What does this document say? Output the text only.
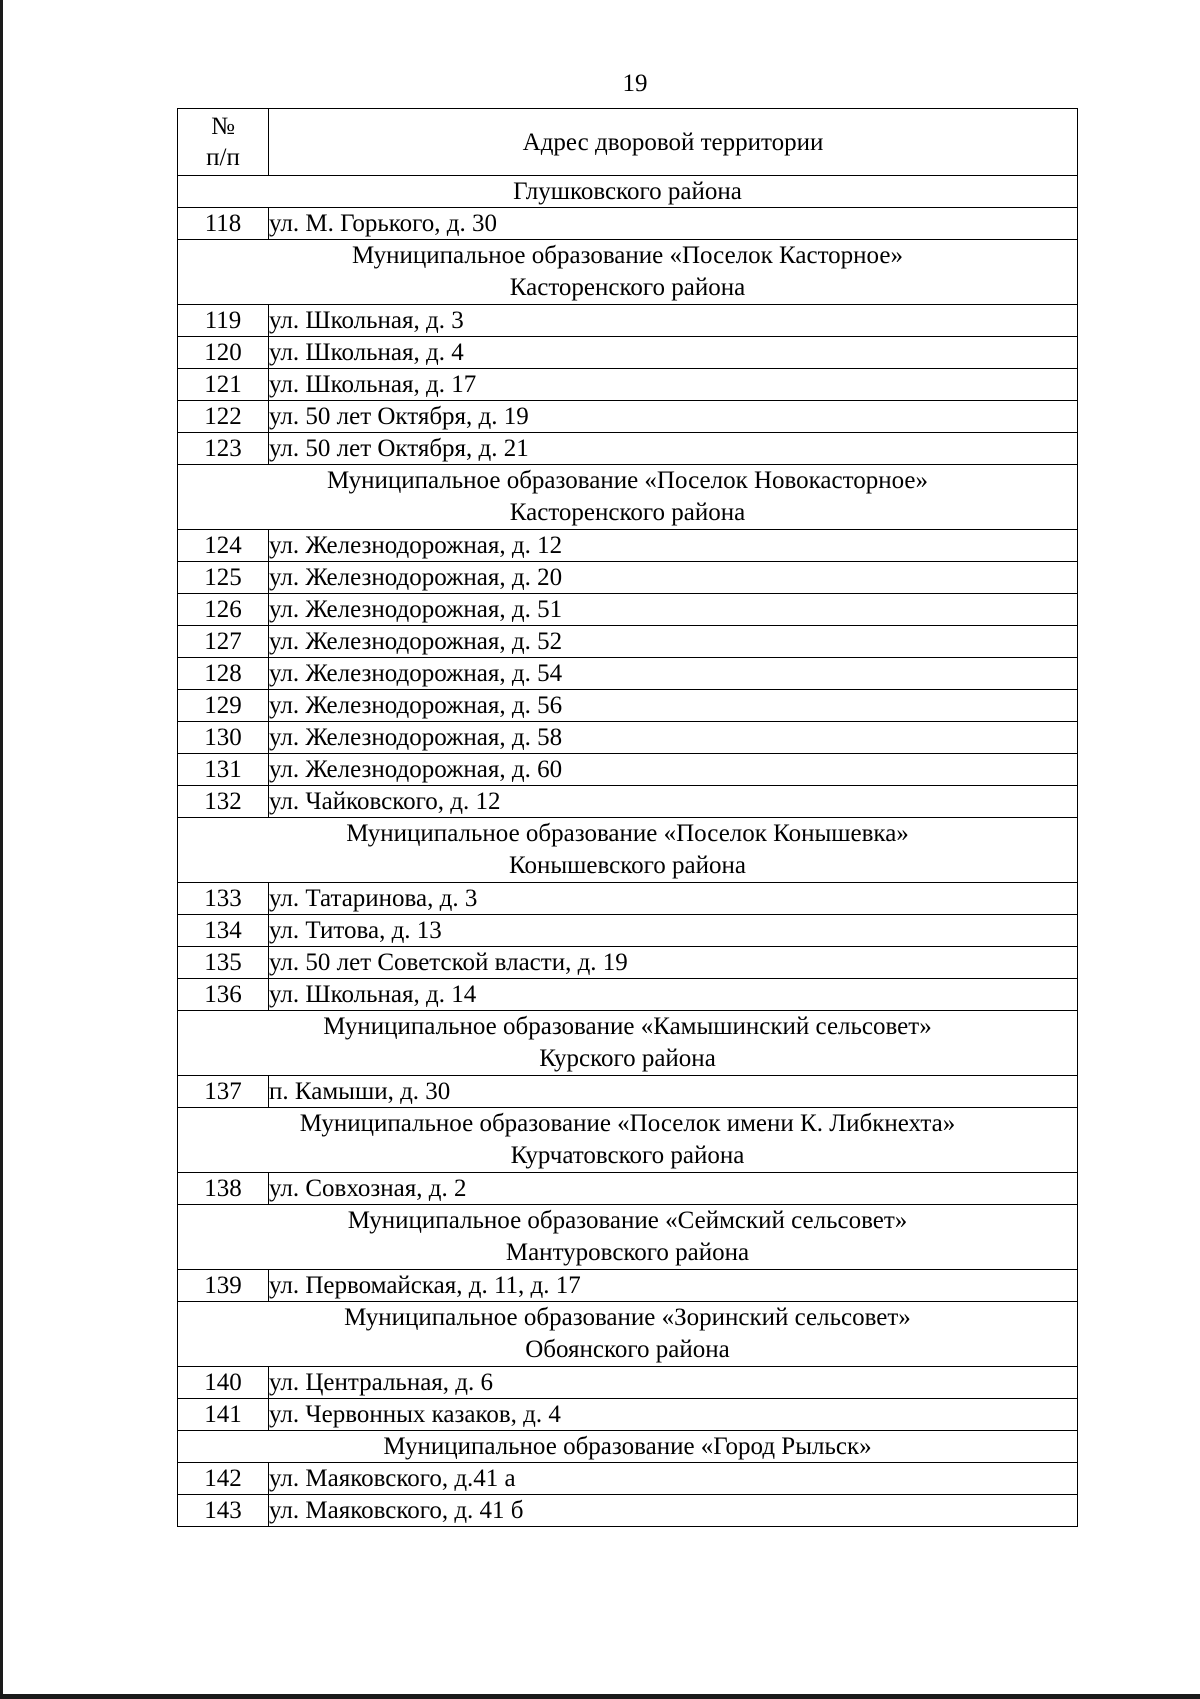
19
№
п/п	Адрес дворовой территории
Глушковского района	
118	ул. М. Горького, д. 30
Муниципальное образование «Поселок Касторное»
Касторенского района	
119	ул. Школьная, д. 3
120	ул. Школьная, д. 4
121	ул. Школьная, д. 17
122	ул. 50 лет Октября, д. 19
123	ул. 50 лет Октября, д. 21
Муниципальное образование «Поселок Новокасторное»
Касторенского района	
124	ул. Железнодорожная, д. 12
125	ул. Железнодорожная, д. 20
126	ул. Железнодорожная, д. 51
127	ул. Железнодорожная, д. 52
128	ул. Железнодорожная, д. 54
129	ул. Железнодорожная, д. 56
130	ул. Железнодорожная, д. 58
131	ул. Железнодорожная, д. 60
132	ул. Чайковского, д. 12
Муниципальное образование «Поселок Конышевка»
Конышевского района	
133	ул. Татаринова, д. 3
134	ул. Титова, д. 13
135	ул. 50 лет Советской власти, д. 19
136	ул. Школьная, д. 14
Муниципальное образование «Камышинский сельсовет»
Курского района	
137	п. Камыши, д. 30
Муниципальное образование «Поселок имени К. Либкнехта»
Курчатовского района	
138	ул. Совхозная, д. 2
Муниципальное образование «Сеймский сельсовет»
Мантуровского района	
139	ул. Первомайская, д. 11, д. 17
Муниципальное образование «Зоринский сельсовет»
Обоянского района	
140	ул. Центральная, д. 6
141	ул. Червонных казаков, д. 4
Муниципальное образование «Город Рыльск»	
142	ул. Маяковского, д.41 а
143	ул. Маяковского, д. 41 б
